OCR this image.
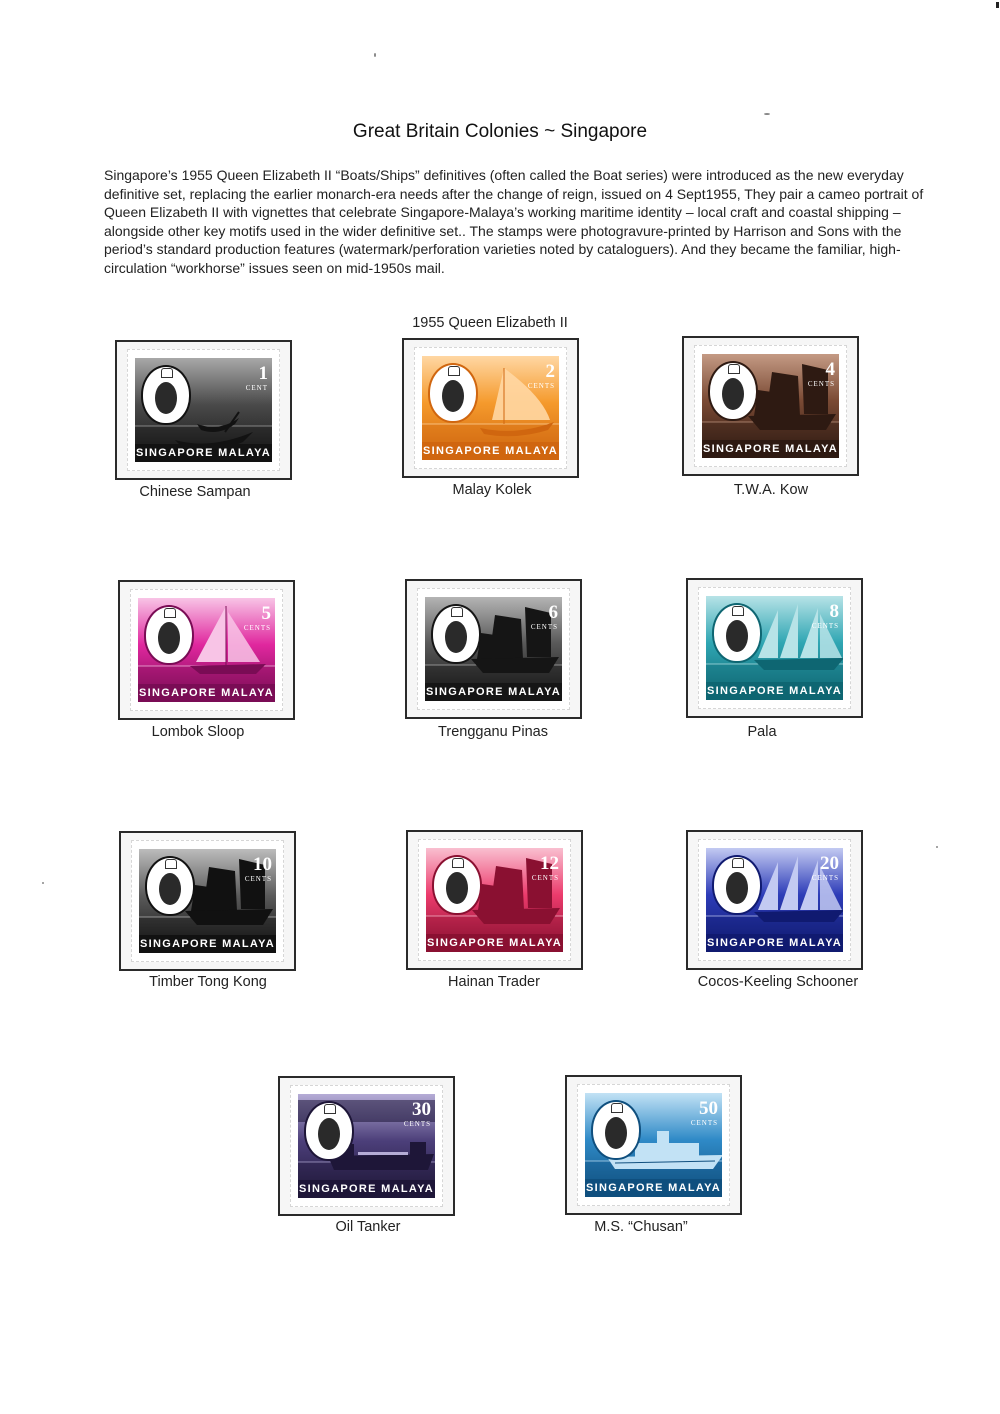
Great Britain Colonies ~ Singapore

Singapore’s 1955 Queen Elizabeth II “Boats/Ships” definitives (often called the Boat series) were introduced as the new everyday definitive set, replacing the earlier monarch-era needs after the change of reign, issued on 4 Sept1955, They pair a cameo portrait of Queen Elizabeth II with vignettes that celebrate Singapore-Malaya’s working maritime identity – local craft and coastal shipping – alongside other key motifs used in the wider definitive set.. The stamps were photogravure-printed by Harrison and Sons with the period’s standard production features (watermark/perforation varieties noted by cataloguers). And they became the familiar, high-circulation “workhorse” issues seen on mid-1950s mail.

1955 Queen Elizabeth II
1
CENT
SINGAPORE MALAYA
Chinese Sampan
2
CENTS
SINGAPORE MALAYA
Malay Kolek
4
CENTS
SINGAPORE MALAYA
T.W.A. Kow
5
CENTS
SINGAPORE MALAYA
Lombok Sloop
6
CENTS
SINGAPORE MALAYA
Trengganu Pinas
8
CENTS
SINGAPORE MALAYA
Pala
10
CENTS
SINGAPORE MALAYA
Timber Tong Kong
12
CENTS
SINGAPORE MALAYA
Hainan Trader
20
CENTS
SINGAPORE MALAYA
Cocos-Keeling Schooner
30
CENTS
SINGAPORE MALAYA
Oil Tanker
50
CENTS
SINGAPORE MALAYA
M.S. “Chusan”
